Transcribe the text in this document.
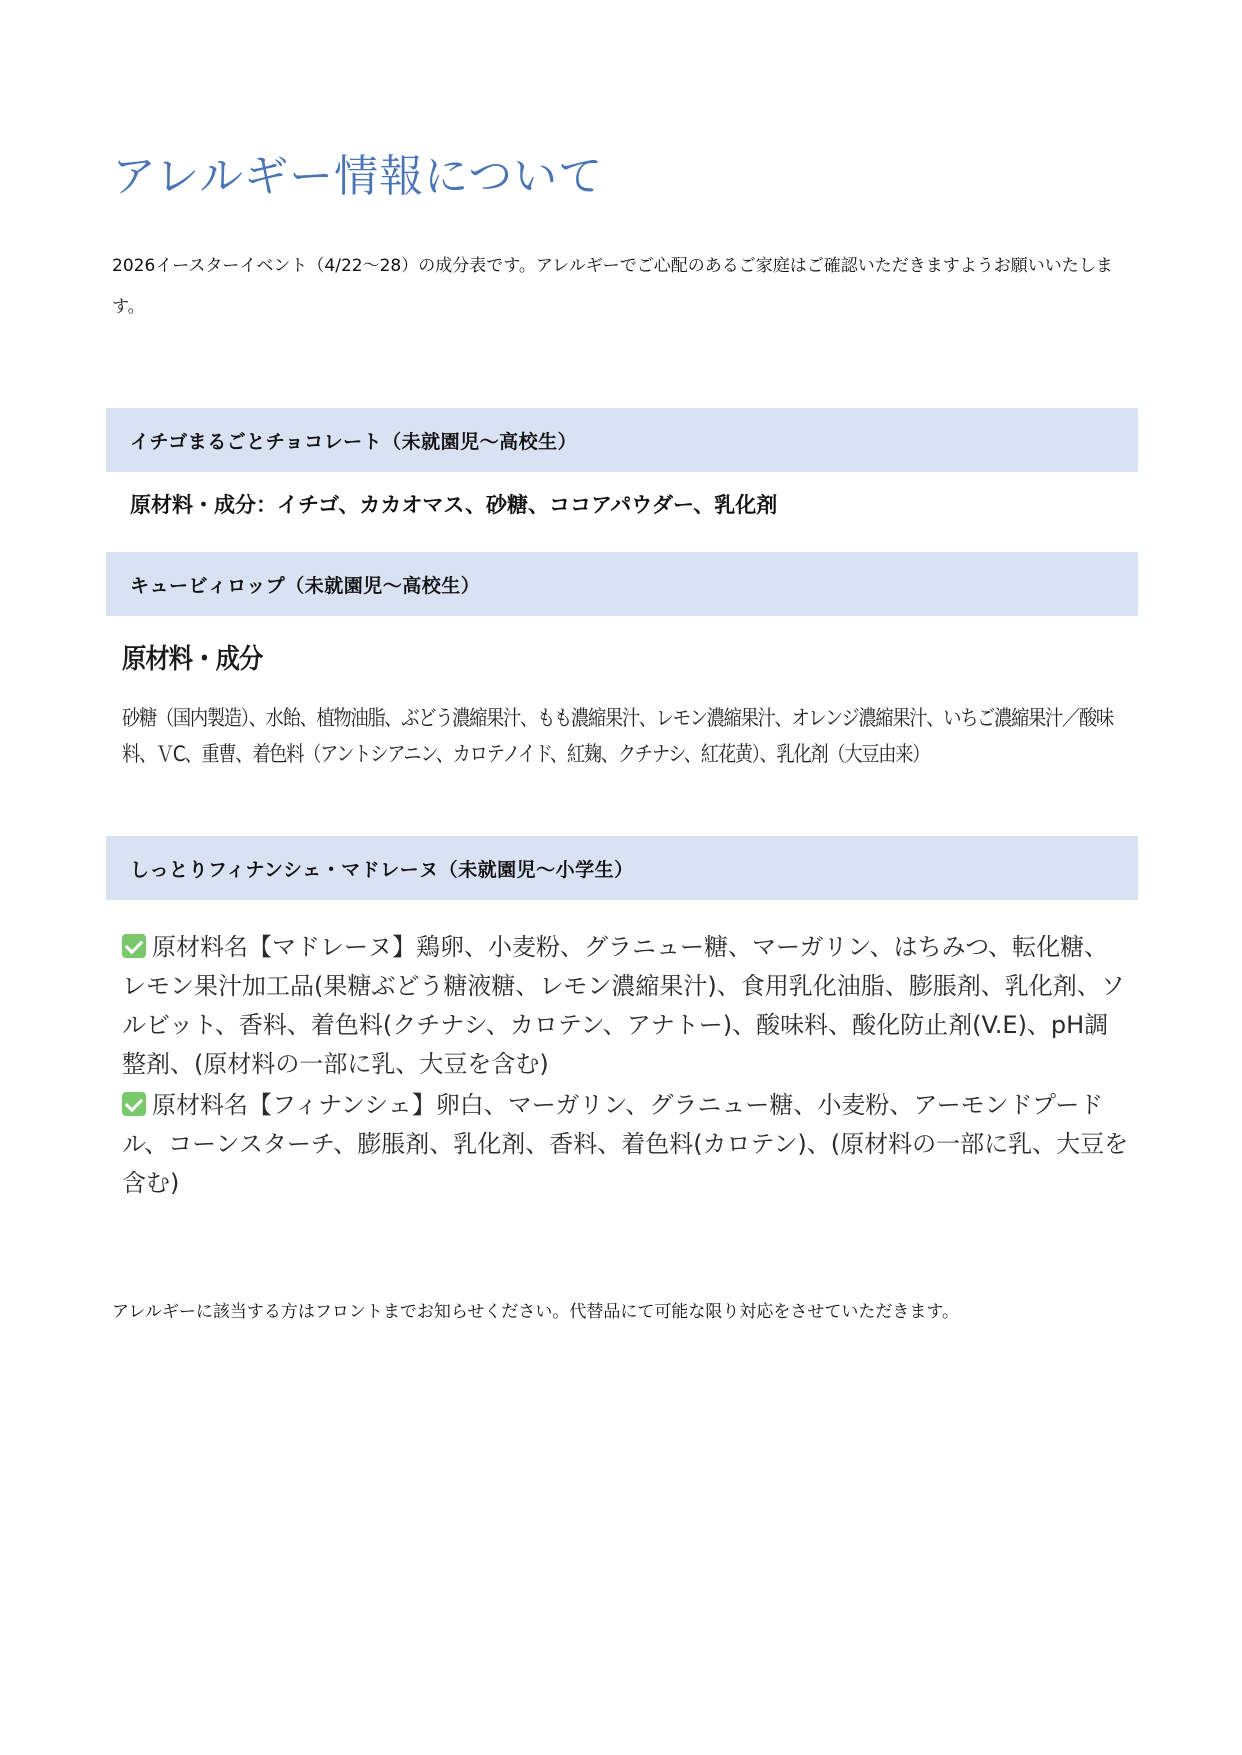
アレルギー情報について

2026イースターイベント（4/22～28）の成分表です。アレルギーでご心配のあるご家庭はご確認いただきますようお願いいたします。

イチゴまるごとチョコレート（未就園児～高校生）
原材料・成分：イチゴ、カカオマス、砂糖、ココアパウダー、乳化剤
キュービィロップ（未就園児～高校生）
原材料・成分

砂糖（国内製造）、水飴、植物油脂、ぶどう濃縮果汁、もも濃縮果汁、レモン濃縮果汁、オレンジ濃縮果汁、いちご濃縮果汁／酸味料、ＶC、重曹、着色料（アントシアニン、カロテノイド、紅麹、クチナシ、紅花黄）、乳化剤（大豆由来）

しっとりフィナンシェ・マドレーヌ（未就園児～小学生）

原材料名【マドレーヌ】鶏卵、小麦粉、グラニュー糖、マーガリン、はちみつ、転化糖、レモン果汁加工品(果糖ぶどう糖液糖、レモン濃縮果汁)、食用乳化油脂、膨脹剤、乳化剤、ソルビット、香料、着色料(クチナシ、カロテン、アナトー)、酸味料、酸化防止剤(V.E)、pH調整剤、(原材料の一部に乳、大豆を含む)

原材料名【フィナンシェ】卵白、マーガリン、グラニュー糖、小麦粉、アーモンドプードル、コーンスターチ、膨脹剤、乳化剤、香料、着色料(カロテン)、(原材料の一部に乳、大豆を含む)

アレルギーに該当する方はフロントまでお知らせください。代替品にて可能な限り対応をさせていただきます。
